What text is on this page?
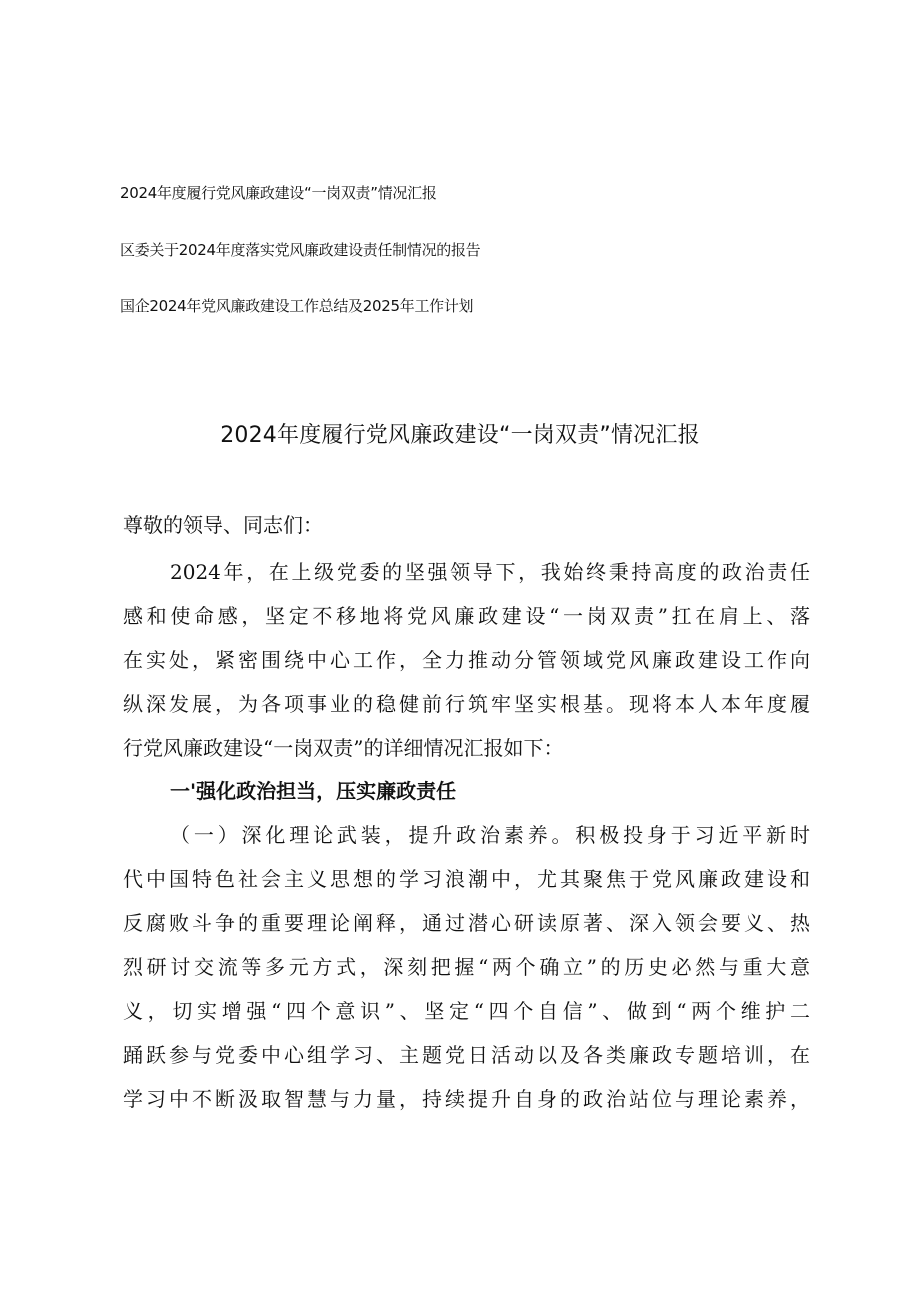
2024年度履行党风廉政建设“一岗双责”情况汇报
区委关于2024年度落实党风廉政建设责任制情况的报告
国企2024年党风廉政建设工作总结及2025年工作计划
2024年度履行党风廉政建设“一岗双责”情况汇报
尊敬的领导、同志们：
2024年，在上级党委的坚强领导下，我始终秉持高度的政治责任
感和使命感，坚定不移地将党风廉政建设“一岗双责”扛在肩上、落
在实处，紧密围绕中心工作，全力推动分管领域党风廉政建设工作向
纵深发展，为各项事业的稳健前行筑牢坚实根基。现将本人本年度履
行党风廉政建设“一岗双责”的详细情况汇报如下：
一'强化政治担当，压实廉政责任
（一）深化理论武装，提升政治素养。积极投身于习近平新时
代中国特色社会主义思想的学习浪潮中，尤其聚焦于党风廉政建设和
反腐败斗争的重要理论阐释，通过潜心研读原著、深入领会要义、热
烈研讨交流等多元方式，深刻把握“两个确立”的历史必然与重大意
义，切实增强“四个意识”、坚定“四个自信”、做到“两个维护二
踊跃参与党委中心组学习、主题党日活动以及各类廉政专题培训，在
学习中不断汲取智慧与力量，持续提升自身的政治站位与理论素养，
